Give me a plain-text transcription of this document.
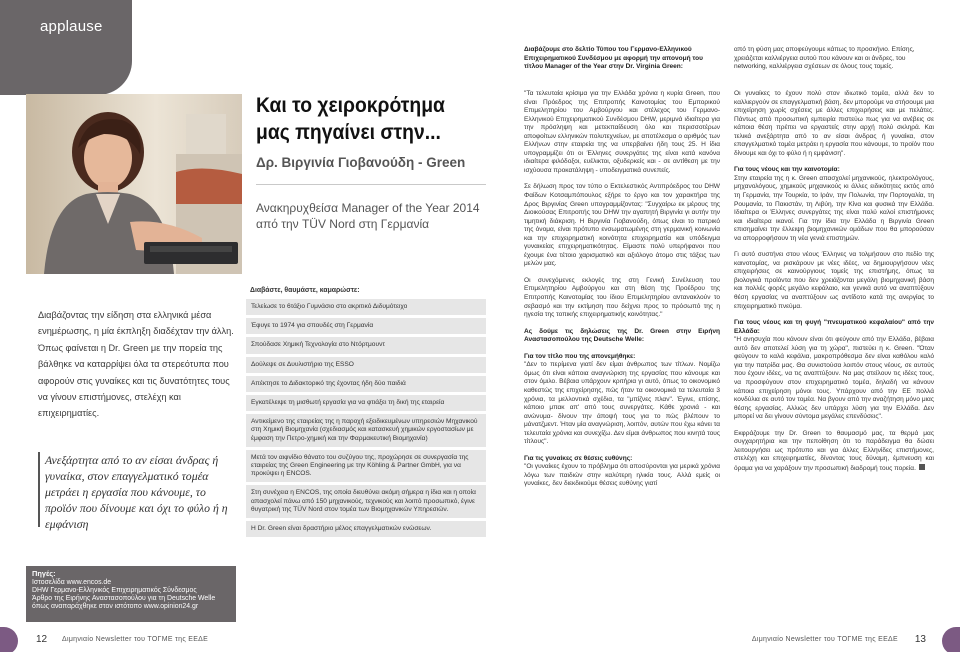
applause
Και το χειροκρότημα μας πηγαίνει στην...
Δρ. Βιργινία Γιοβανούδη - Green
Ανακηρυχθείσα Manager of the Year 2014 από την TÜV Nord στη Γερμανία
Διαβάζοντας την είδηση στα ελληνικά μέσα ενημέρωσης, η μία έκπληξη διαδέχταν την άλλη. Όπως φαίνεται η Dr. Green με την πορεία της βάλθηκε να καταρρίψει όλα τα στερεότυπα που αφορούν στις γυναίκες και τις δυνατότητες τους να γίνουν επιστήμονες, στελέχη και επιχειρηματίες.
Ανεξάρτητα από το αν είσαι άνδρας ή γυναίκα, στον επαγγελματικό τομέα μετράει η εργασία που κάνουμε, το προϊόν που δίνουμε και όχι το φύλο ή η εμφάνιση
Πηγές:
Ιστοσελίδα www.encos.de
DHW Γερμανο-Ελληνικός Επιχειρηματικός Σύνδεσμος
Άρθρο της Ειρήνης Αναστασοπούλου για τη Deutsche Welle
όπως αναπαράχθηκε στον ιστότοπο www.opinion24.gr
Διαβάστε, θαυμάστε, καμαρώστε:
Τελείωσε το 6τάξιο Γυμνάσιο στο ακριτικό Διδυμότειχο
Έφυγε το 1974 για σπουδές στη Γερμανία
Σπούδασε Χημική Τεχνολογία στο Ντόρτμουντ
Δούλεψε σε Δυυλιστήριο της ESSO
Απέκτησε το Διδακτορικό της έχοντας ήδη δύο παιδιά
Εγκατέλειψε τη μισθωτή εργασία για να φτιάξει τη δική της εταιρεία
Αντικείμενο της εταιρείας της η παροχή εξειδικευμένων υπηρεσιών Μηχανικού στη Χημική Βιομηχανία (σχεδιασμός και κατασκευή χημικών εργοστασίων με έμφαση την Πετρο-χημική και την Φαρμακευτική Βιομηχανία)
Μετά τον αιφνίδιο θάνατο του συζύγου της, προχώρησε σε συνεργασία της εταιρείας της Green Engineering με την Köhling & Partner GmbH, για να προκύψει η ENCOS.
Στη συνέχεια η ENCOS, της οποία διευθύνει ακόμη σήμερα η ίδια και η οποία απασχολεί πάνω από 150 μηχανικούς, τεχνικούς και λοιπό προσωπικό, έγινε θυγατρική της TÜV Nord στον τομέα των Βιομηχανικών Υπηρεσιών.
Η Dr. Green είναι δραστήριο μέλος επαγγελματικών ενώσεων.
Διαβάζουμε στο δελτίο Τύπου του Γερμανο-Ελληνικού Επιχειρηματικού Συνδέσμου με αφορμή την απονομή του τίτλου Manager of the Year στην Dr. Virginia Green:
από τη φύση μας αποφεύγουμε κάπως το προσκήνιο. Επίσης, χρειάζεται καλλιέργεια αυτού που κάνουν και οι άνδρες, του networking, καλλιέργεια σχέσεων σε όλους τους τομείς.

"Τα τελευταία κρίσιμα για την Ελλάδα χρόνια η κυρία Green, που είναι Πρόεδρος της Επιτροπής Καινοτομίας του Εμπορικού Επιμελητηρίου του Αμβούργου και στέλεχος του Γερμανο-Ελληνικού Επιχειρηματικού Συνδέσμου DHW, μεριμνά ιδιαίτερα για την πρόσληψη και μετεκπαίδευση όλο και περισσοτέρων αποφοίτων ελληνικών πολυτεχνείων, με αποτέλεσμα ο αριθμός των Ελλήνων στην εταιρεία της να υπερβαίνει ήδη τους 25. Η ίδια υπογραμμίζει ότι οι Έλληνες συνεργάτες της είναι κατά κανόνα ιδιαίτερα φιλόδοξοι, ευέλικτοι, οξυδερκείς και - σε αντίθεση με την ισχύουσα προκατάληψη - υποδειγματικά συνεπείς.

Σε δήλωση προς τον τύπο ο Εκτελεστικός Αντιπρόεδρος του DHW Φαίδων Κοτσαμπόπουλος εξήρε το έργο και τον χαρακτήρα της Δρος Βιργινίας Green υπογραμμίζοντας: "Συγχαίρω εκ μέρους της Διοικούσας Επιτροπής του DHW την αγαπητή Βιργινία γι αυτήν την τιμητική διάκριση. Η Βιργινία Γιοβανούδη, όπως είναι το πατρικό της όνομα, είναι πρότυπο ενσωματωμένης στη γερμανική κοινωνία και την επιχειρηματική κοινότητα επιχειρηματία και υπόδειγμα γυναικείας επιχειρηματικότητας. Είμαστε πολύ υπερήφανοι που έχουμε ένα τέτοιο χαρισματικό και αξιόλογο άτομο στις τάξεις των μελών μας.

Οι συνεχόμενες εκλογές της στη Γενική Συνέλευση του Επιμελητηρίου Αμβούργου και στη θέση της Προέδρου της Επιτροπής Καινοτομίας του ίδιου Επιμελητηρίου αντανακλούν το σεβασμό και την εκτίμηση που δείχνει προς το πρόσωπό της η ηγεσία της τοπικής επιχειρηματικής κοινότητας."

Ας δούμε τις δηλώσεις της Dr. Green στην Ειρήνη Αναστασοπούλου της Deutsche Welle:

Για τον τίτλο που της απονεμήθηκε:

"Δεν το περίμενα γιατί δεν είμαι άνθρωπος των τίτλων. Νομίζω όμως ότι είναι κάποια αναγνώριση της εργασίας που κάνουμε και στον όμιλο. Βέβαια υπάρχουν κριτήρια γι αυτό, όπως το οικονομικό καθεστώς της επιχείρησης, πώς ήταν τα οικονομικά τα τελευταία 3 χρόνια, τα μελλοντικά σχέδια, τα "μπίζνες πλαν". Έγινε, επίσης, κάποιο μπακ απ' από τους συνεργάτες. Κάθε χρονιά - και ανώνυμα- δίνουν την άποψή τους για το πώς βλέπουν το μάνατζμεντ. Ήταν μία αναγνώριση, λοιπόν, αυτών που έχω κάνει τα τελευταία χρόνια και συνεχίζω. Δεν είμαι άνθρωπος που κινητά τους τίτλους".

Για τις γυναίκες σε θέσεις ευθύνης:

"Οι γυναίκες έχουν το πρόβλημα ότι αποσύρονται για μερικά χρόνια λόγω των παιδιών στην καλύτερη ηλικία τους. Αλλά εμείς οι γυναίκες, δεν διεκδικούμε θέσεις ευθύνης γιατί

Οι γυναίκες το έχουν πολύ στον ιδιωτικό τομέα, αλλά δεν το καλλιεργούν σε επαγγελματική βάση, δεν μπορούμε να στήσουμε μια επιχείρηση χωρίς σχέσεις με άλλες επιχειρήσεις και με πελάτες. Πάντως από προσωπική εμπειρία πιστεύω πως για να ανέβεις σε κάποια θέση πρέπει να εργαστείς στην αρχή πολύ σκληρά. Και τελικά ανεξάρτητα από το αν είσαι άνδρας ή γυναίκα, στον επαγγελματικό τομέα μετράει η εργασία που κάνουμε, το προϊόν που δίνουμε και όχι το φύλο ή η εμφάνιση".

Για τους νέους και την καινοτομία:

Στην εταιρεία της η κ. Green απασχολεί μηχανικούς, ηλεκτρολόγους, μηχανολόγους, χημικούς μηχανικούς κι άλλες ειδικότητες εκτός από τη Γερμανία, την Τουρκία, το Ιράν, την Πολωνία, την Πορτογαλία, τη Ρουμανία, το Πακιστάν, τη Λιβύη, την Κίνα και φυσικά την Ελλάδα. Ιδιαίτερα οι Έλληνες συνεργάτες της είναι πολύ καλοί επιστήμονες και ιδιαίτερα ικανοί. Για την ίδια την Ελλάδα η Βιργινία Green επισημαίνει την έλλειψη βιομηχανικών ομάδων που θα μπορούσαν να απορροφήσουν τη νέα γενιά επιστημών.

Γι αυτό συστήνει στου νέους Έλληνες να τολμήσουν στο πεδίο της καινοτομίας, να ρισκάρουν με νέες ιδέες, να δημιουργήσουν νέες επιχειρήσεις σε καινούργιους τομείς της επιστήμης, όπως τα βιολογικά προϊόντα που δεν χρειάζονται μεγάλη βιομηχανική βάση και πολλές φορές μεγάλο κεφάλαιο, και γενικά αυτό να αναπτύξουν θέση εργασίας να αναπτύξουν ως αντίδοτο κατά της ανεργίας το επιχειρηματικό πνεύμα.

Για τους νέους και τη φυγή "πνευματικού κεφαλαίου" από την Ελλάδα:

"Η ανησυχία που κάνουν είναι ότι φεύγουν από την Ελλάδα, βέβαια αυτό δεν αποτελεί λύση για τη χώρα", πιστεύει η κ. Green. "Όταν φεύγουν το καλά κεφάλια, μακροπρόθεσμα δεν είναι καθόλου καλό για την πατρίδα μας. Θα συνιστούσα λοιπόν στους νέους, σε αυτούς που έχουν ιδέες, να τις αναπτύξουν. Να μας στείλουν τις ιδέες τους, να προσφύγουν στον επιχειρηματικό τομέα, δηλαδή να κάνουν κάποια επιχείρηση μόνοι τους. Υπάρχουν από την ΕΕ πολλά κονδύλια σε αυτό τον τομέα. Να βγουν από την αναζήτηση μόνο μιας θέσης εργασίας. Αλλιώς δεν υπάρχει λύση για την Ελλάδα. Δεν μπορεί να δει γίνουν σύντομα μεγάλες επενδύσεις".

Εκφράζουμε την Dr. Green το θαυμασμό μας, τα θερμά μας συγχαρητήρια και την πεποίθηση ότι το παράδειγμα θα δώσει λειτουργήσει ως πρότυπο και για άλλες Ελληνίδες επιστήμονες, στελέχη και επιχειρηματίες, δίνοντας τους δύναμη, έμπνευση και όραμα για να χαράξουν την προσωπική διαδρομή τους πορεία.

12 Διμηνιαίο Newsletter του ΤΟΓΜΕ της ΕΕΔΕ	Διμηνιαίο Newsletter του ΤΟΓΜΕ της ΕΕΔΕ 13
